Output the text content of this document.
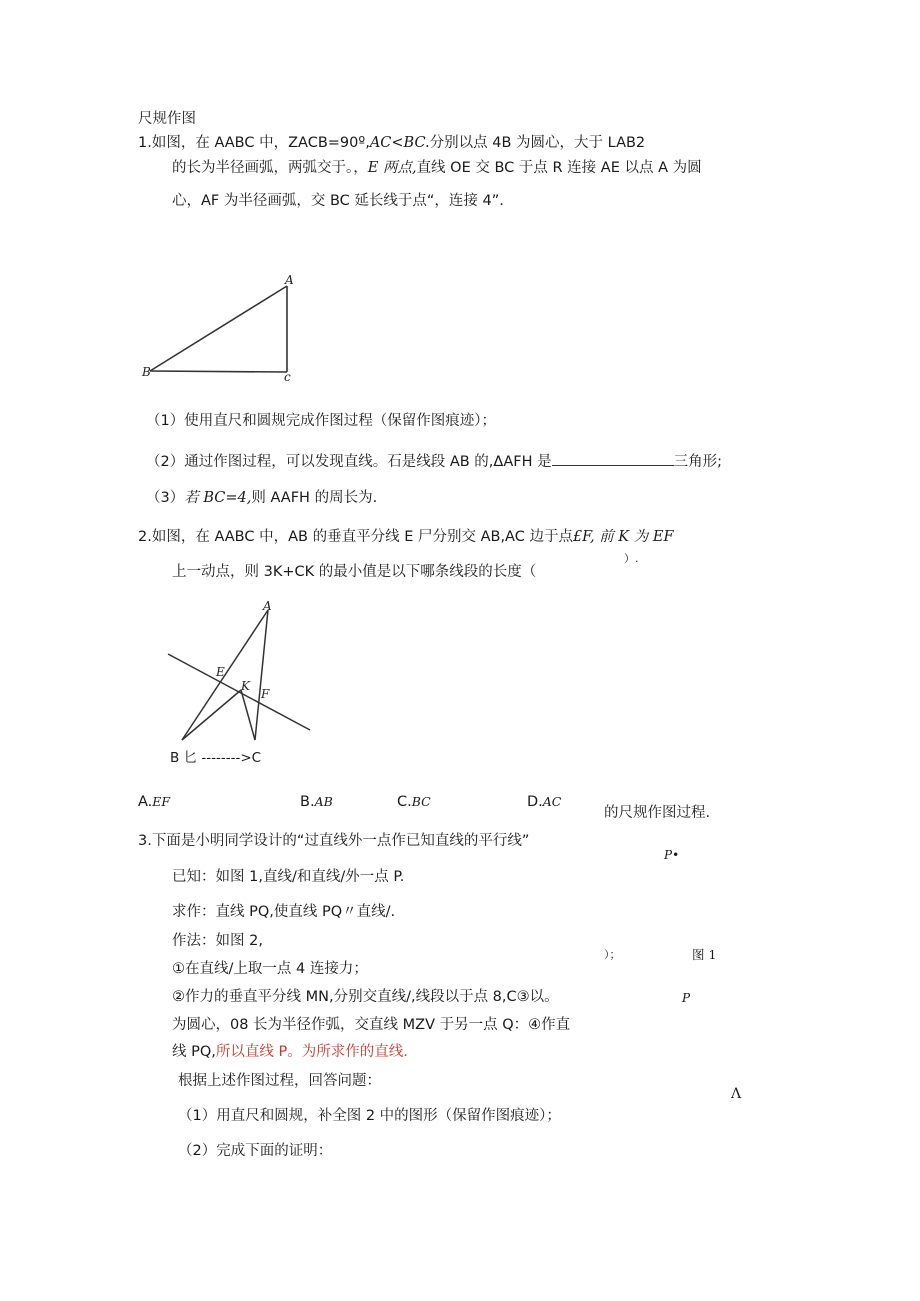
尺规作图
1.如图，在 AABC 中，ZACB=90º,AC<BC.分别以点 4B 为圆心，大于 LAB2
的长为半径画弧，两弧交于。，E 两点,直线 OE 交 BC 于点 R 连接 AE 以点 A 为圆
心，AF 为半径画弧，交 BC 延长线于点“，连接 4”.
A
B	c
（1）使用直尺和圆规完成作图过程（保留作图痕迹）；
（2）通过作图过程，可以发现直线。石是线段 AB 的,ΔAFH 是	三角形;
（3）若 BC=4,则 AAFH 的周长为.
2.如图，在 AABC 中，AB 的垂直平分线 E 尸分别交 AB,AC 边于点£F, 前 K 为 EF
）.
上一动点，则 3K+CK 的最小值是以下哪条线段的长度（
A
E
K
F
B 匕 -------->C
A.EF	B.AB	C.BC	D.AC
的尺规作图过程.
3.下面是小明同学设计的“过直线外一点作已知直线的平行线”
P•
已知：如图 1,直线/和直线/外一点 P.
求作：直线 PQ,使直线 PQ〃直线/.
作法：如图 2,
）；	图 1
①在直线/上取一点 4 连接力；
②作力的垂直平分线 MN,分别交直线/,线段以于点 8,C③以。	P
为圆心，08 长为半径作弧，交直线 MZV 于另一点 Q：④作直
线 PQ,所以直线 P。为所求作的直线.
根据上述作图过程，回答问题：
Λ
（1）用直尺和圆规，补全图 2 中的图形（保留作图痕迹）；
（2）完成下面的证明：
